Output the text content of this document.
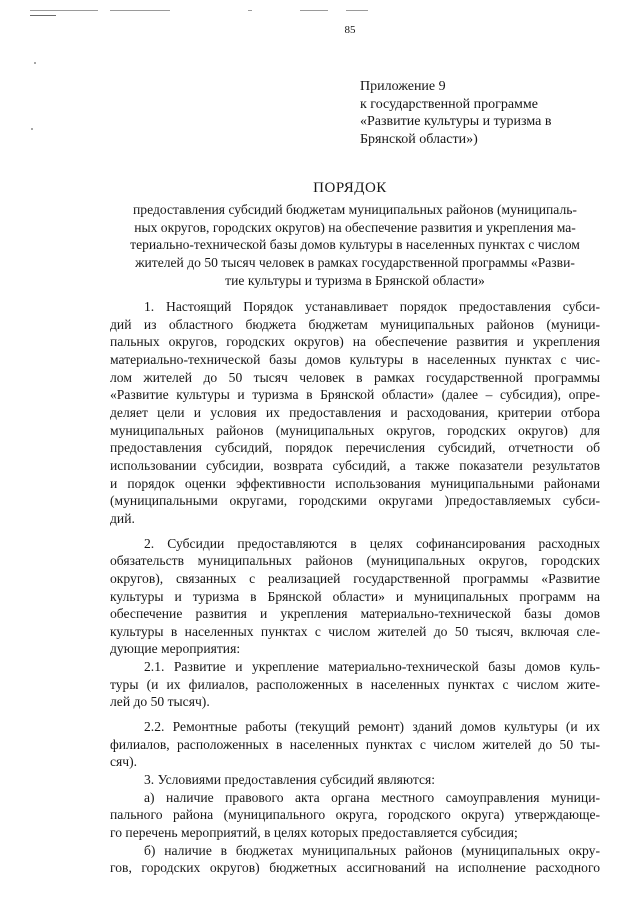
85
Приложение 9
к государственной программе
«Развитие культуры и туризма в
Брянской области»)
ПОРЯДОК
предоставления субсидий бюджетам муниципальных районов (муниципаль-
ных округов, городских округов) на обеспечение развития и укрепления ма-
териально-технической базы домов культуры в населенных пунктах с числом
жителей до 50 тысяч человек в рамках государственной программы «Разви-
тие культуры и туризма в Брянской области»
1. Настоящий Порядок устанавливает порядок предоставления субси-
дий из областного бюджета бюджетам муниципальных районов (муници-
пальных округов, городских округов) на обеспечение развития и укрепления
материально-технической базы домов культуры в населенных пунктах с чис-
лом жителей до 50 тысяч человек в рамках государственной программы
«Развитие культуры и туризма в Брянской области» (далее – субсидия), опре-
деляет цели и условия их предоставления и расходования, критерии отбора
муниципальных районов (муниципальных округов, городских округов) для
предоставления субсидий, порядок перечисления субсидий, отчетности об
использовании субсидии, возврата субсидий, а также показатели результатов
и порядок оценки эффективности использования муниципальными районами
(муниципальными округами, городскими округами )предоставляемых субси-
дий.
2. Субсидии предоставляются в целях софинансирования расходных
обязательств муниципальных районов (муниципальных округов, городских
округов), связанных с реализацией государственной программы «Развитие
культуры и туризма в Брянской области» и муниципальных программ на
обеспечение развития и укрепления материально-технической базы домов
культуры в населенных пунктах с числом жителей до 50 тысяч, включая сле-
дующие мероприятия:
2.1. Развитие и укрепление материально-технической базы домов куль-
туры (и их филиалов, расположенных в населенных пунктах с числом жите-
лей до 50 тысяч).
2.2. Ремонтные работы (текущий ремонт) зданий домов культуры (и их
филиалов, расположенных в населенных пунктах с числом жителей до 50 ты-
сяч).
3. Условиями предоставления субсидий являются:
а) наличие правового акта органа местного самоуправления муници-
пального района (муниципального округа, городского округа) утверждающе-
го перечень мероприятий, в целях которых предоставляется субсидия;
б) наличие в бюджетах муниципальных районов (муниципальных окру-
гов, городских округов) бюджетных ассигнований на исполнение расходного
